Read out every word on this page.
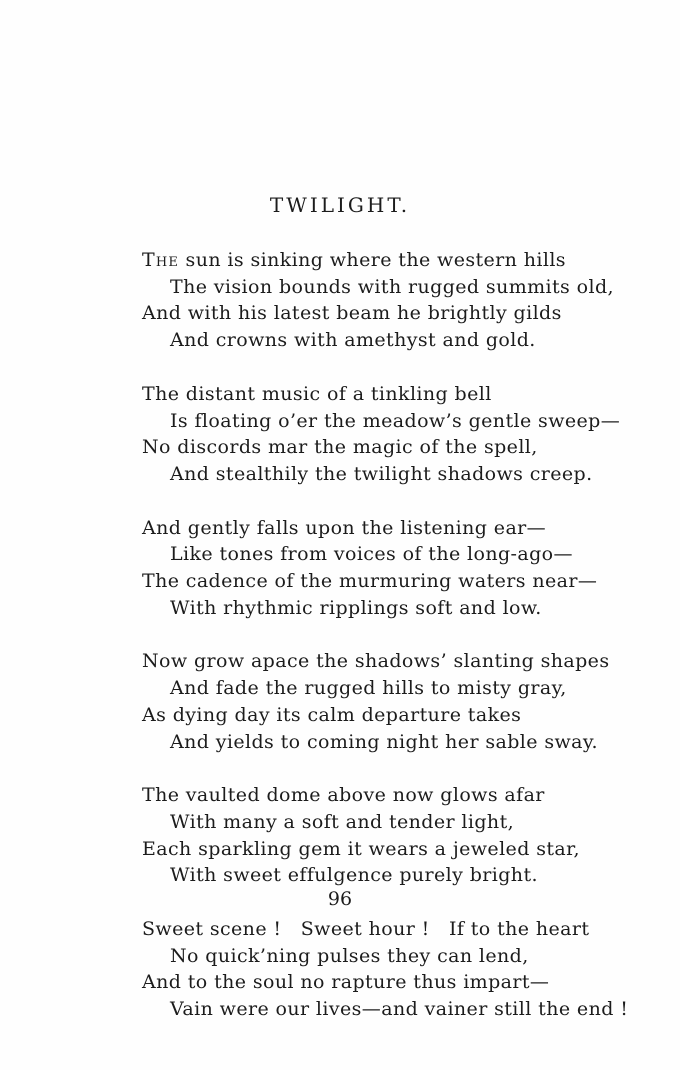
TWILIGHT.
The sun is sinking where the western hills
The vision bounds with rugged summits old,
And with his latest beam he brightly gilds
And crowns with amethyst and gold.
The distant music of a tinkling bell
Is floating o’er the meadow’s gentle sweep—
No discords mar the magic of the spell,
And stealthily the twilight shadows creep.
And gently falls upon the listening ear—
Like tones from voices of the long-ago—
The cadence of the murmuring waters near—
With rhythmic ripplings soft and low.
Now grow apace the shadows’ slanting shapes
And fade the rugged hills to misty gray,
As dying day its calm departure takes
And yields to coming night her sable sway.
The vaulted dome above now glows afar
With many a soft and tender light,
Each sparkling gem it wears a jeweled star,
With sweet effulgence purely bright.
Sweet scene !   Sweet hour !   If to the heart
No quick’ning pulses they can lend,
And to the soul no rapture thus impart—
Vain were our lives—and vainer still the end !
96
